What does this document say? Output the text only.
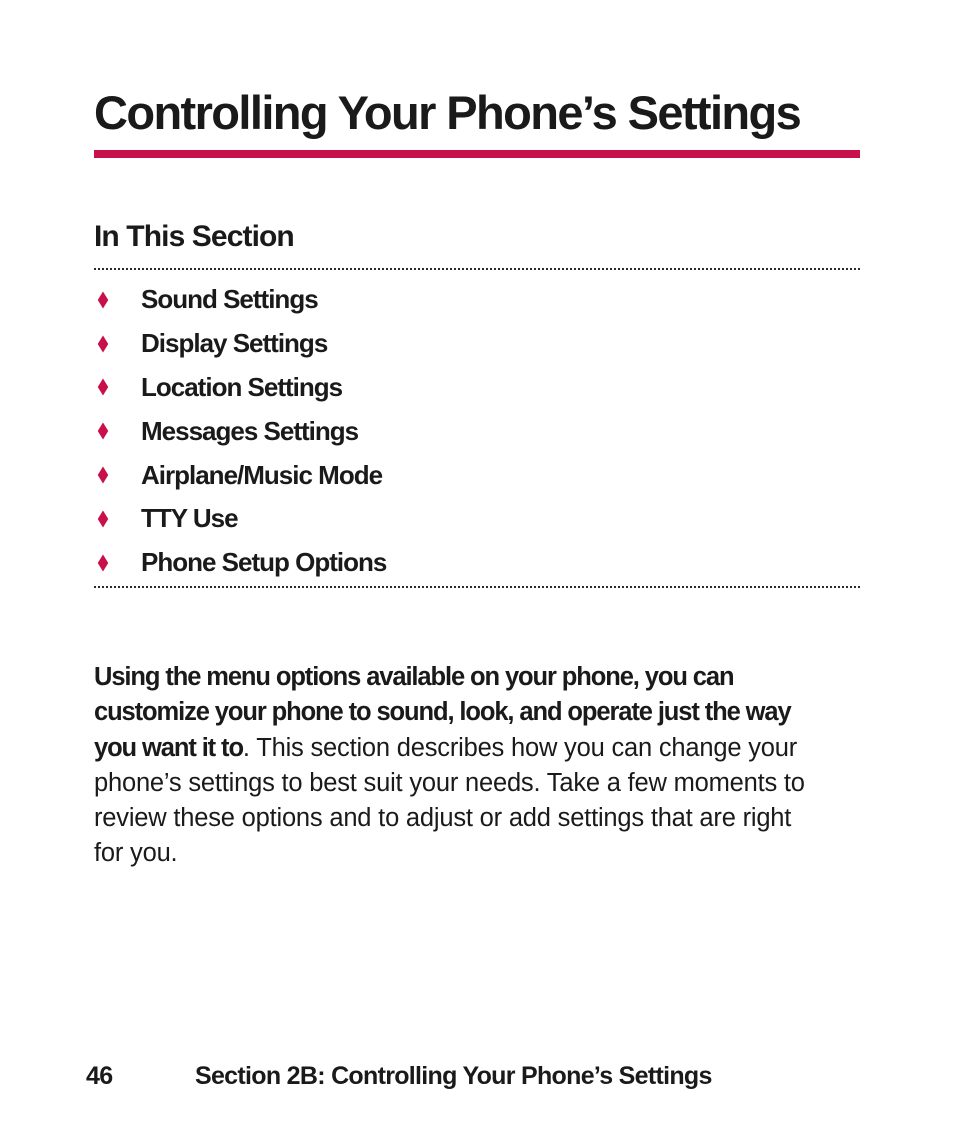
Controlling Your Phone’s Settings
In This Section
Sound Settings
Display Settings
Location Settings
Messages Settings
Airplane/Music Mode
TTY Use
Phone Setup Options

Using the menu options available on your phone, you can customize your phone to sound, look, and operate just the way you want it to. This section describes how you can change your phone’s settings to best suit your needs. Take a few moments to review these options and to adjust or add settings that are right for you.

46	Section 2B: Controlling Your Phone’s Settings
